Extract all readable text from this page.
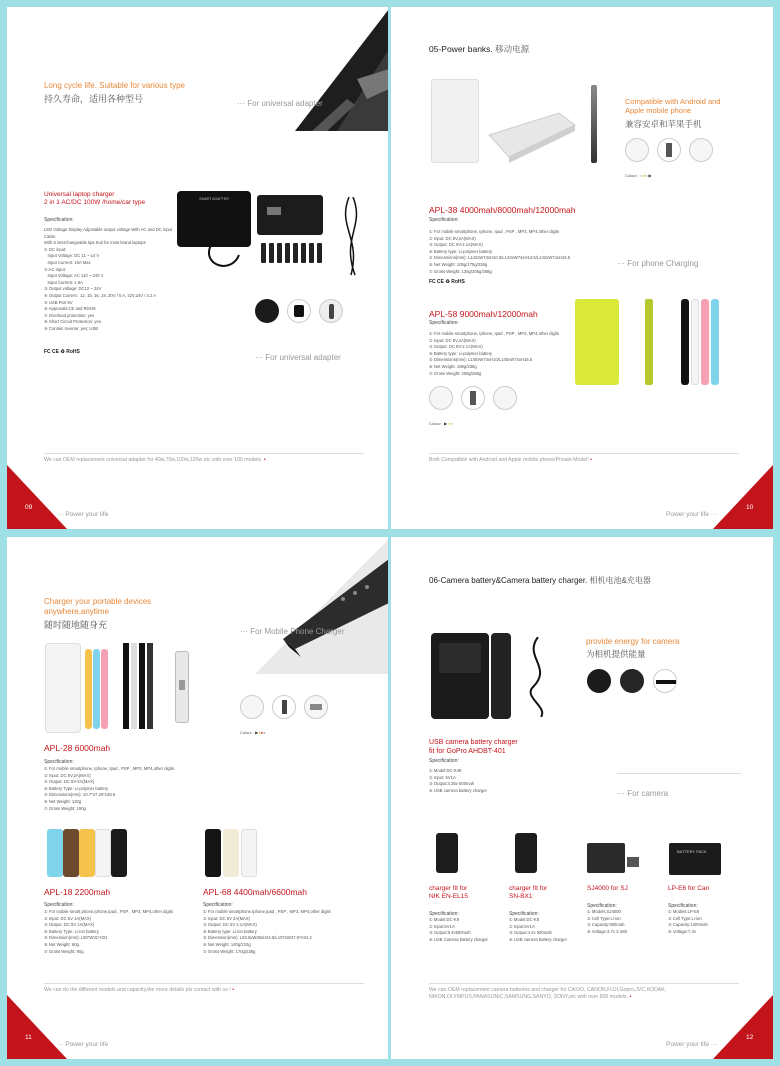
Long cycle life. Suitable for various type
持久寿命，适用各种型号	··· For universal adapter
Universal laptop charger
2 in 1 AC/DC 100W /home/car type
Specification:
LED Voltage Display Adjustable output voltage With AC and DC input
Cable.
With 8 interchangeable tips Suit for most brand laptops
① DC input:
Input Voltage: DC 11 ~ 14 V
Input Current: 15A Max
② AC input:
Input Voltage: AC 110 ~ 240 V
Input Current: 1.8A
③ Output voltage: DC12 ~ 24V
④ Output Current:  12, 15, 16, 19, 20V / 5 A, 22V,24V / 4.2 A
⑤ USB Port 5V
⑥ Approvals:CE and ROHS
⑦ Overload protection: yes
⑧ Short Circuit Protection: yes
⑨ Contain Inverse: yes; USB
FC CE ♻ RoHS
SMART ADAPTER
··· For universal adapter
We can OEM replacement universal adapter for 40w,70w,100w,120w etc with over 100 models. •
09
··· Power your life
05-Power banks. 移动电源
Compatible with Android and
Apple mobile phone
兼容安卓和苹果手机
Colour : ●●● ▶
APL-38 4000mah/8000mah/12000mah
Specification:
① For mobile smartphone, Iphone, Ipad , PSP , MP3, MP4,other digits
② Input: DC 5V,2A(MAX)
③ Output: DC 5V-2.1A(MAX)
④ Battery type: Li-polymer battery
⑤ Dimensions(mm): L142xW74xH10.5/L142xW74xH13.5/L142xW74xH16.5
⑥ Net Weight: 105g/175g/238g
⑦ Gross Weight: 135g/205g/268g
FC CE ♻ RoHS
··· For phone Charging
APL-58 9000mah/12000mah
Specification:
① For mobile smartphone, Iphone, Ipad , PSP , MP3, MP4,other digits
② Input: DC 5V,2A(MAX)
③ Output: DC 5V-2.1A(MAX)
④ Battery type: Li-polymer battery
⑤ Dimensions(mm): L140xW74xH10/L140xW74xH16.5
⑥ Net Weight: 198g/238g
⑦ Gross Weight: 208g/265g
Colour : ▶ ●●
Both Compatible with Android and Apple mobile phone/Private Model! •
10
Power your life ···
Charger your portable devices
anywhere,anytime
随时随地随身充
··· For Mobile Phone Charger
Colour : ▶●●●
APL-28 6000mah
Specification:
① For mobile smartphone, Iphone, Ipad , PSP , MP3, MP4,other digits
② Input: DC 5V,2A(MAX)
③ Output: DC 5V-2A(MAX)
④ Battery Type: Li-polymer battery
⑤ Dimensions(mm): 10.7*37.25*148.6
⑥ Net Weight: 120g
⑦ Gross Weight: 150g
APL-18 2200mah
Specification:
① For mobile smart phone,Iphone,Ipad , PSP , MP3, MP4,other digits
② Input: DC 5V 1A(MAX)
③ Output: DC 5V 1A(MAX)
④ Battery Type: Li-ion battery
⑤ Dimension(mm): L90*W31*H31
⑥ Net Weight: 60g
⑦ Gross Weight: 90g
APL-68 4400mah/6600mah
Specification:
① For mobile smartphone,Iphone,Ipad , PSP , MP3, MP4,other digits
② Input: DC 5V 2A(MAX)
③ Output: DC 5V 2.1A(MAX)
④ Battery type: Li-ion battery
⑤ Dimension(mm): L93.5xW48xH24.5/L107xW47.5*H24.2
⑥ Net Weight: 140g/210g
⑦ Gross Weight: 170g/238g
We can do the different models and capacity,the more details pls contact with us ! •
11
··· Power your life
06-Camera battery&Camera battery charger. 相机电池&充电器
provide energy for camera
为相机提供能量
USB camera battery charger
fit for GoPro AHDBT-401
Specification:
① Model:DC-K49
② Input: 5V1A
③ Output:4.35v 500mah
④ USB camera battery charger	··· For camera
BATTERY PACK
charger fit for
NIK EN-EL15
Specification:
① Model:DC-K9
② Input:5V1A
③ Output:8.4v500mah
④ USB Camera battery charger
charger fit for
SN-BX1
Specification:
① Model:DC-K8
② Input:5V1A
③ Output:4.2v 500mah
④ USB camera battery charger
SJ4000 for SJ
Specification:
① Models:SJ4000
② Cell Type:Li-ion
③ Capacity:900mah
④ Voltage:3.7v 3.3wh
LP-E6 for Can
Specification:
① Models:LP-E6
② Cell Type:Li-ion
③ Capacity:1400mah
④ Voltage:7.4v
We can OEM replacement camera batteries and charger for CASIO, CANON,FUJI,Gopro,JVC,KODAK,
NIKON,OLYMPUS,PANASONIC,SAMSUNG,SANYO, SONY,etc with over 500 models. •
12
Power your life ···
